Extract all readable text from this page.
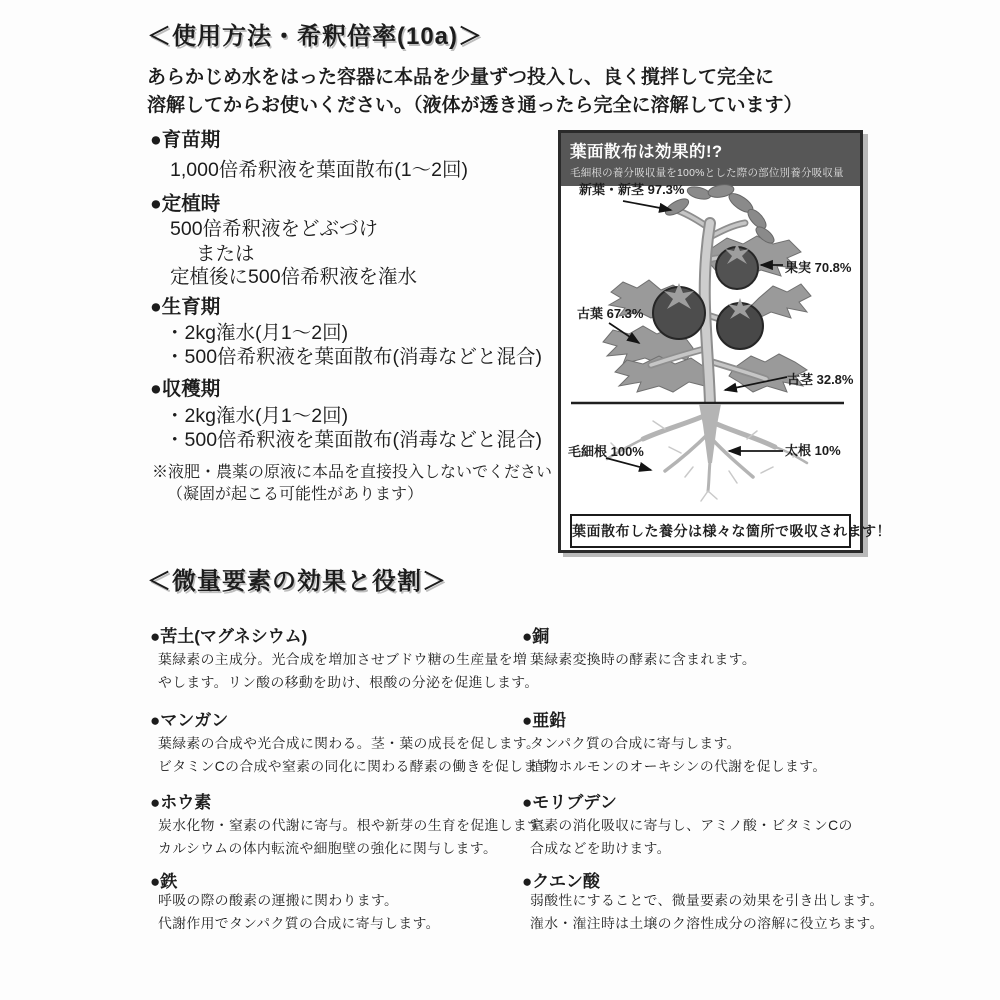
＜使用方法・希釈倍率(10a)＞
あらかじめ水をはった容器に本品を少量ずつ投入し、良く撹拌して完全に
溶解してからお使いください。（液体が透き通ったら完全に溶解しています）
●育苗期
1,000倍希釈液を葉面散布(1〜2回)
●定植時
500倍希釈液をどぶづけ
または
定植後に500倍希釈液を潅水
●生育期
・2kg潅水(月1〜2回)
・500倍希釈液を葉面散布(消毒などと混合)
●収穫期
・2kg潅水(月1〜2回)
・500倍希釈液を葉面散布(消毒などと混合)
※液肥・農薬の原液に本品を直接投入しないでください
（凝固が起こる可能性があります）
葉面散布は効果的!?
毛細根の養分吸収量を100%とした際の部位別養分吸収量
新葉・新茎 97.3%
果実 70.8%
古葉 67.3%
古茎 32.8%
毛細根 100%	太根 10%
葉面散布した養分は様々な箇所で吸収されます！
＜微量要素の効果と役割＞
●苦土(マグネシウム)
葉緑素の主成分。光合成を増加させブドウ糖の生産量を増
やします。リン酸の移動を助け、根酸の分泌を促進します。
●マンガン
葉緑素の合成や光合成に関わる。茎・葉の成長を促します。
ビタミンCの合成や窒素の同化に関わる酵素の働きを促します。
●ホウ素
炭水化物・窒素の代謝に寄与。根や新芽の生育を促進します。
カルシウムの体内転流や細胞壁の強化に関与します。
●鉄
呼吸の際の酸素の運搬に関わります。
代謝作用でタンパク質の合成に寄与します。
●銅
葉緑素変換時の酵素に含まれます。
●亜鉛
タンパク質の合成に寄与します。
植物ホルモンのオーキシンの代謝を促します。
●モリブデン
窒素の消化吸収に寄与し、アミノ酸・ビタミンCの
合成などを助けます。
●クエン酸
弱酸性にすることで、微量要素の効果を引き出します。
潅水・潅注時は土壌のク溶性成分の溶解に役立ちます。
